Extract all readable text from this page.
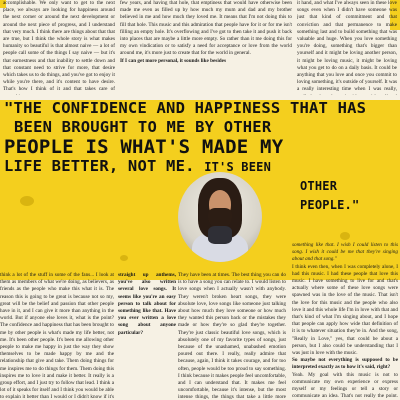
accomplishable. We only want to get to the next place, we always are looking for happiness around the next corner or around the next development or around the next piece of progress, and I understand that very much. I think there are things about that that are true, but I think the whole story is what makes humanity so beautiful is that almost naive — a lot of people call some of the things I say naive — but it's that earnestness and that inability to settle down and that constant need to strive for more, that desire which takes us to do things, and you've got to enjoy it while you're there, and it's content to have desire. That's how I think of it and that takes care of

few years, and having that hole, that emptiness that would have otherwise been made me even as filled up by how much my mum and dad and my brother believed in me and how much they loved me. It means that I'm not doing this to fill that hole. This music and this admiration that people have for it or for me isn't filling an empty hole. It's overflowing and I've got to then take it and push it back into places that are maybe a little more empty. So rather than it me doing this for my own vindication or to satisfy a need for acceptance or love from the world around me, it's more just to create that for the world in general.

If I can get more personal, it sounds like besides

it hand, and what I've always seen in these love songs even when I didn't have someone was just that kind of commitment and that conviction and that permanence to make something last and to build something that was valuable and huge. When you love something you're doing, something that's bigger than yourself and it might be loving another person, it might be loving music, it might be loving what you get to do on a daily basis. It could be anything that you love and once you commit to loving something, it's outside of yourself. It was a really interesting time when I was really,

"THE CONFIDENCE AND HAPPINESS THAT HAS
BEEN BROUGHT TO ME BY OTHER
PEOPLE IS WHAT'S MADE MY
LIFE BETTER, NOT ME. IT'S BEEN
OTHER PEOPLE."

think a lot of the stuff in some of the fans... I look at them as members of what we're doing, as believers, as friends as the people who make this what it is. The reason this is going to be great is because not so my, great will be the belief and passion that other people have in it, and I can give it more than anything in the world. But if anyone else loves it, what is the point? The confidence and happiness that has been brought to me by other people is what's made my life better, not me. It's been other people. It's been me allowing other people to make me happy in just the way they show themselves to be made happy by me and the relationship that give and take. Them doing things for me inspires me to do things for them. Them doing this inspires me to love it and make it better. It really is a group effort, and I just try to follow that lead. I think a lot of it speaks for itself and I think you would be able to explain it better than I would or I didn't know if it's

straight up anthems, you've also written several love songs. It seems like you're an easy person to talk about for something like that. Have you ever written a love song about anyone particular?

They have been at times. The best thing you can do is to have a song you can relate to. I would listen to love songs when I actually wasn't with anybody. They weren't broken heart songs, they were absolute love, love songs like someone just talking about how much they love someone or how much they wanted this person back or the mistakes they made or how they're so glad they're together. They're just classic beautiful love songs, which is absolutely one of my favorite types of songs, just because of the unashamed, unabashed emotion poured out there. I really, really admire that because, again, I think it takes courage, and for too often, people would be too proud to say something. I think because it makes people feel uncomfortable, and I can understand that. It makes me feel uncomfortable, because it's intense, but the most intense things, the things that take a little more

something like that. I wish I could listen to this song. I wish it could be me that they're singing about and that song."

I think even then, when I was completely alone, I had this music. I had these people that love this music. I have something to live for and that's actually where some of these love songs were spawned was in the love of the music. That isn't the love for this music and the people who also love it and this whole life I'm in love with that and that's kind of what I'm singing about, and I hope that people can apply how wide that definition of it is to whatever situation they're in. And the song, "Really in Love," yes, that could be about a person, but I also could be understanding that I was just in love with the music.

So maybe not everything is supposed to be interpreted exactly as to how it's said, right?

Yeah. My goal with this music is not to communicate my own experience or express myself or my feelings or tell a story or communicate an idea. That's not really the point.
